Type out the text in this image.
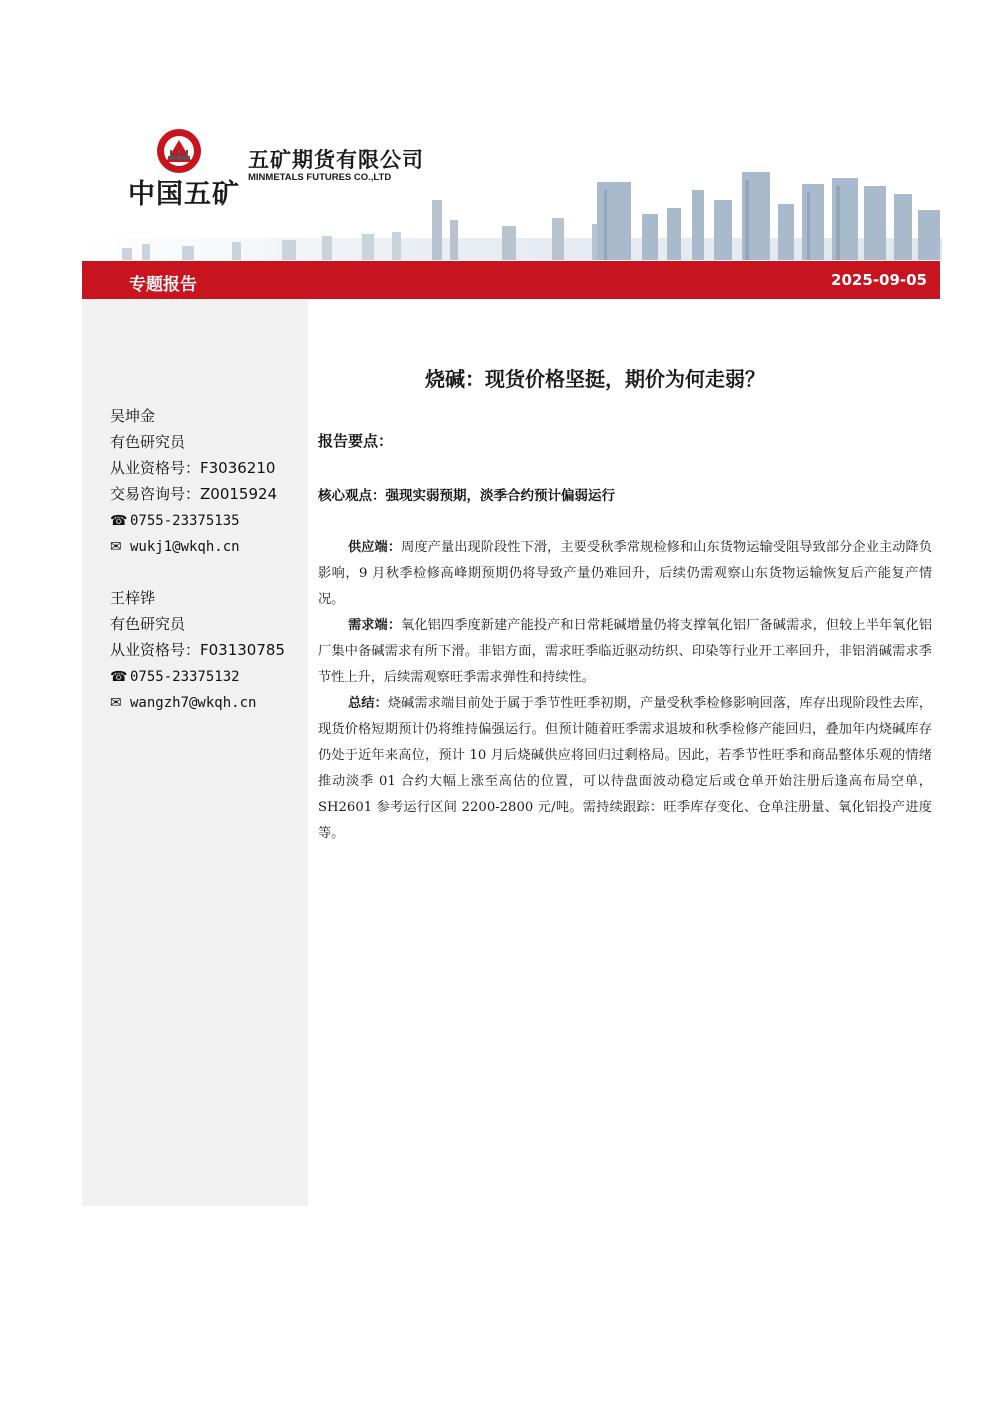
中国五矿
五矿期货有限公司
MINMETALS FUTURES CO.,LTD
专题报告	2025-09-05
吴坤金
有色研究员
从业资格号：F3036210
交易咨询号：Z0015924
☎ 0755-23375135
✉ wukj1@wkqh.cn
王梓铧
有色研究员
从业资格号：F03130785
☎ 0755-23375132
✉ wangzh7@wkqh.cn
烧碱：现货价格坚挺，期价为何走弱？
报告要点：
核心观点：强现实弱预期，淡季合约预计偏弱运行
供应端：周度产量出现阶段性下滑，主要受秋季常规检修和山东货物运输受阻导致部分企业主动降负影响，9 月秋季检修高峰期预期仍将导致产量仍难回升，后续仍需观察山东货物运输恢复后产能复产情况。
需求端：氧化铝四季度新建产能投产和日常耗碱增量仍将支撑氧化铝厂备碱需求，但较上半年氧化铝厂集中备碱需求有所下滑。非铝方面，需求旺季临近驱动纺织、印染等行业开工率回升，非铝消碱需求季节性上升，后续需观察旺季需求弹性和持续性。
总结：烧碱需求端目前处于属于季节性旺季初期，产量受秋季检修影响回落，库存出现阶段性去库，现货价格短期预计仍将维持偏强运行。但预计随着旺季需求退坡和秋季检修产能回归，叠加年内烧碱库存仍处于近年来高位，预计 10 月后烧碱供应将回归过剩格局。因此，若季节性旺季和商品整体乐观的情绪推动淡季 01 合约大幅上涨至高估的位置，可以待盘面波动稳定后或仓单开始注册后逢高布局空单，SH2601 参考运行区间 2200-2800 元/吨。需持续跟踪：旺季库存变化、仓单注册量、氧化铝投产进度等。
